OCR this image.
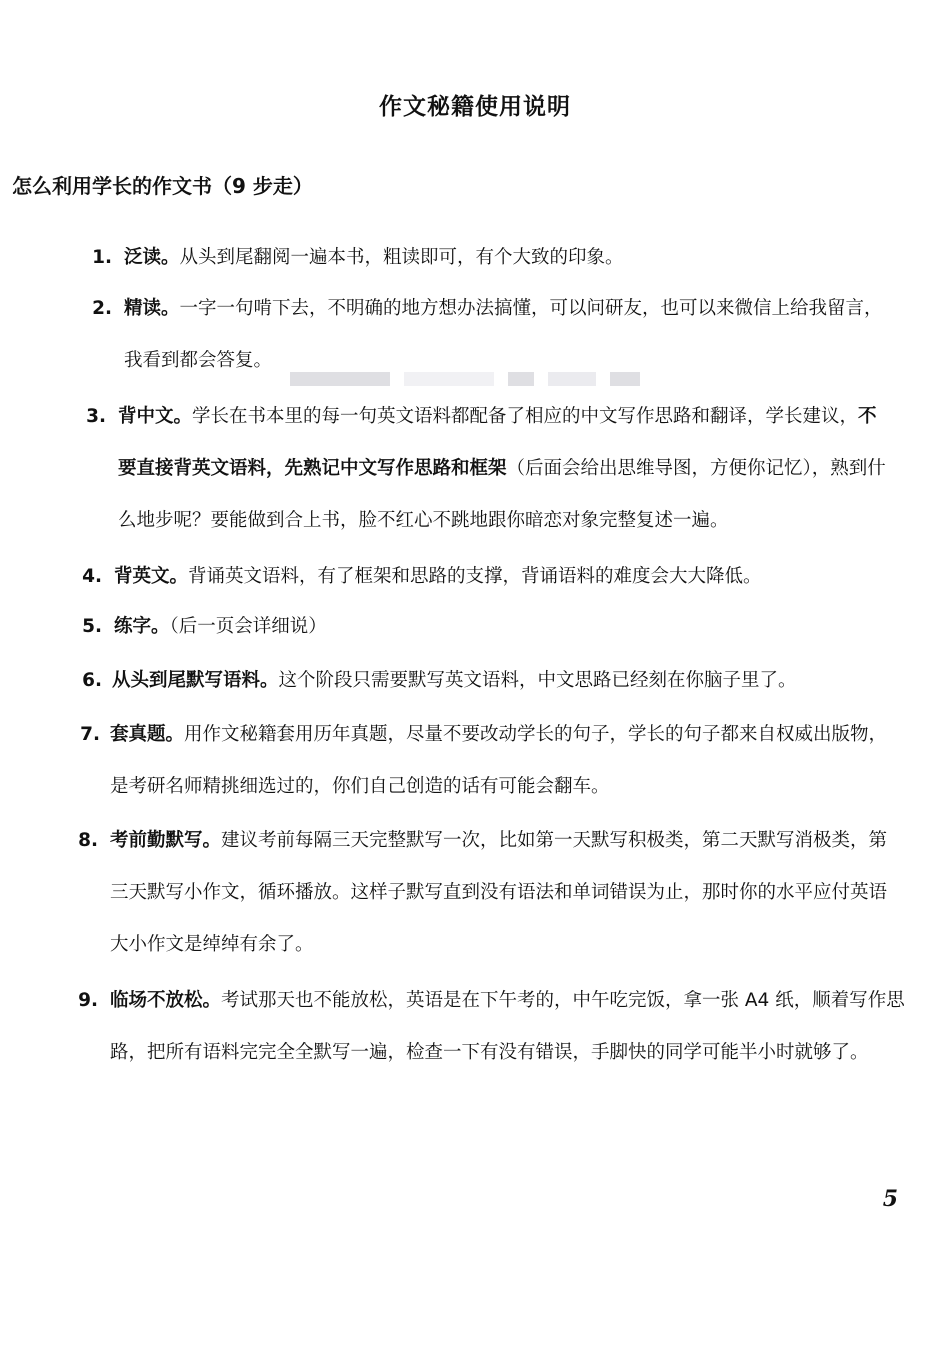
作文秘籍使用说明
怎么利用学长的作文书（9 步走）
1. 泛读。从头到尾翻阅一遍本书，粗读即可，有个大致的印象。
2. 精读。一字一句啃下去，不明确的地方想办法搞懂，可以问研友，也可以来微信上给我留言，我看到都会答复。
3. 背中文。学长在书本里的每一句英文语料都配备了相应的中文写作思路和翻译，学长建议，不要直接背英文语料，先熟记中文写作思路和框架（后面会给出思维导图，方便你记忆），熟到什么地步呢？要能做到合上书，脸不红心不跳地跟你暗恋对象完整复述一遍。
4. 背英文。背诵英文语料，有了框架和思路的支撑，背诵语料的难度会大大降低。
5. 练字。（后一页会详细说）
6. 从头到尾默写语料。这个阶段只需要默写英文语料，中文思路已经刻在你脑子里了。
7. 套真题。用作文秘籍套用历年真题，尽量不要改动学长的句子，学长的句子都来自权威出版物，是考研名师精挑细选过的，你们自己创造的话有可能会翻车。
8. 考前勤默写。建议考前每隔三天完整默写一次，比如第一天默写积极类，第二天默写消极类，第三天默写小作文，循环播放。这样子默写直到没有语法和单词错误为止，那时你的水平应付英语大小作文是绰绰有余了。
9. 临场不放松。考试那天也不能放松，英语是在下午考的，中午吃完饭，拿一张 A4 纸，顺着写作思路，把所有语料完完全全默写一遍，检查一下有没有错误，手脚快的同学可能半小时就够了。
5
